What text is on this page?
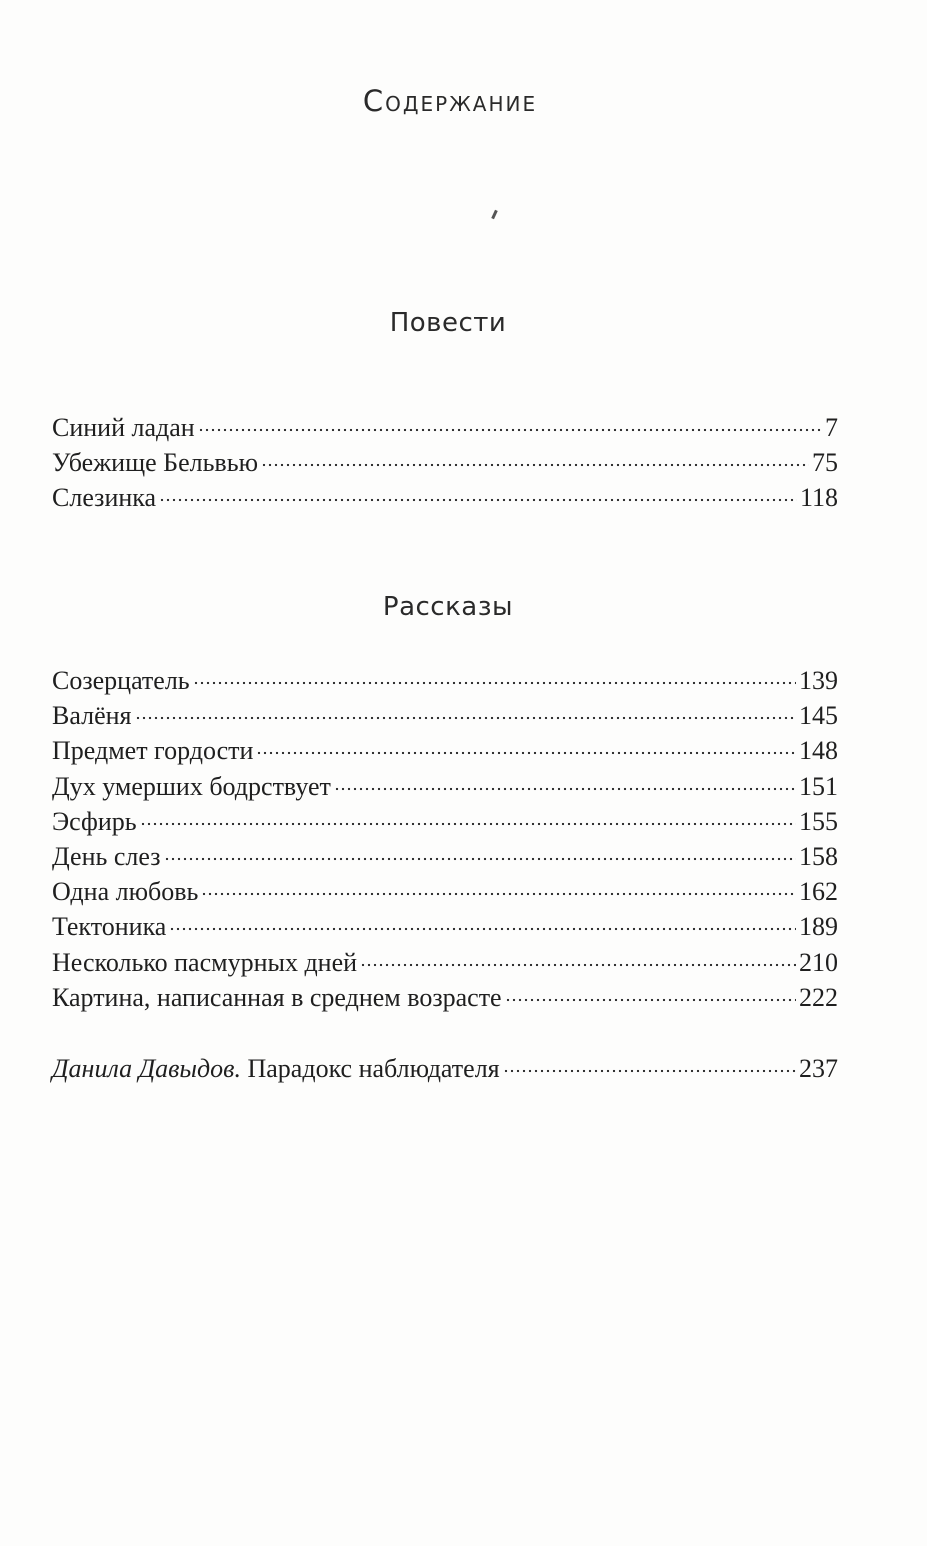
Содержание
Повести
Синий ладан	7
Убежище Бельвью	75
Слезинка	118
Рассказы
Созерцатель	139
Валёня	145
Предмет гордости	148
Дух умерших бодрствует	151
Эсфирь	155
День слез	158
Одна любовь	162
Тектоника	189
Несколько пасмурных дней	210
Картина, написанная в среднем возрасте	222
Данила Давыдов. Парадокс наблюдателя	237
